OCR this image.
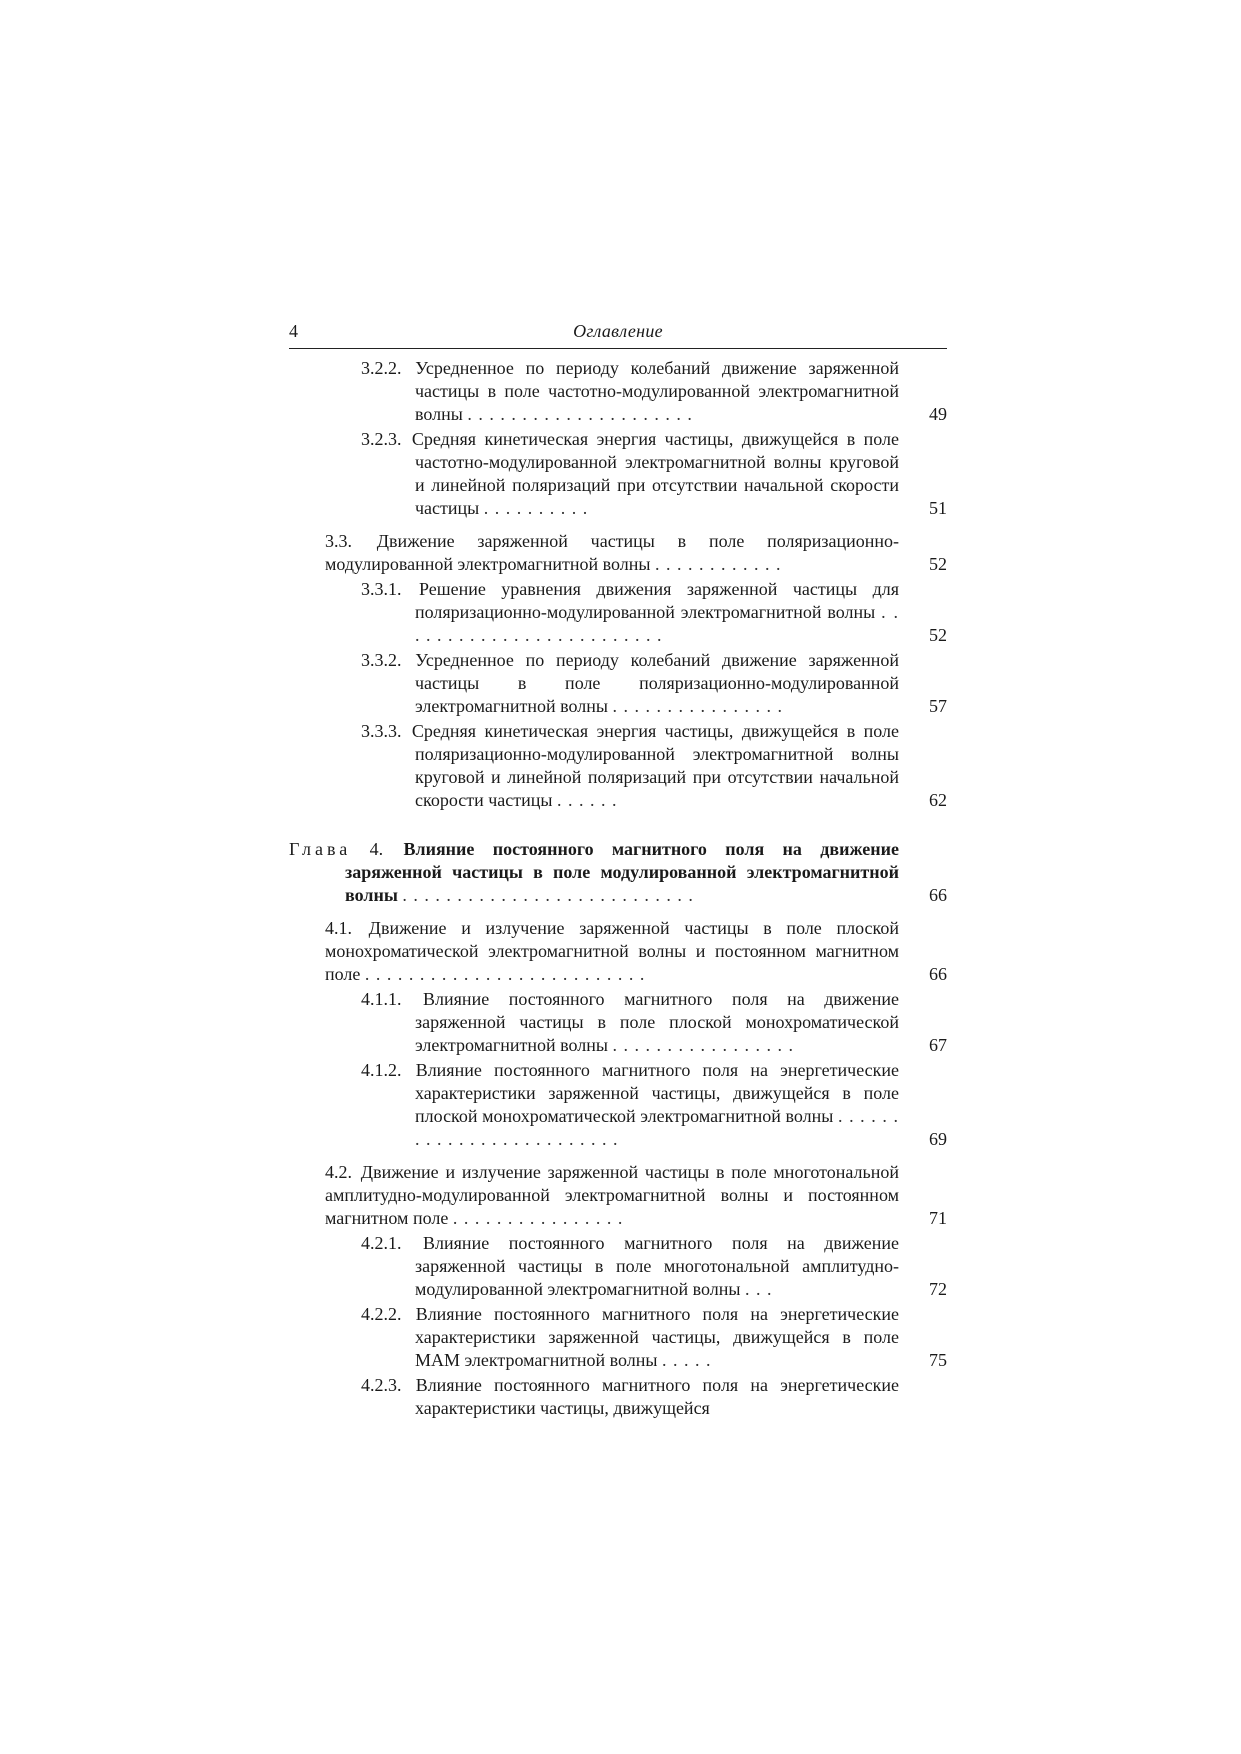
4	Оглавление
3.2.2. Усредненное по периоду колебаний движение заряженной частицы в поле частотно-модулированной электромагнитной волны . . . . . . . . . . . . . . . . . . . . .	49
3.2.3. Средняя кинетическая энергия частицы, движущейся в поле частотно-модулированной электромагнитной волны круговой и линейной поляризаций при отсутствии начальной скорости частицы . . . . . . . . . .	51
3.3. Движение заряженной частицы в поле поляризационно-модулированной электромагнитной волны . . . . . . . . . . . .	52
3.3.1. Решение уравнения движения заряженной частицы для поляризационно-модулированной электромагнитной волны . . . . . . . . . . . . . . . . . . . . . . . . .	52
3.3.2. Усредненное по периоду колебаний движение заряженной частицы в поле поляризационно-модулированной электромагнитной волны . . . . . . . . . . . . . . . .	57
3.3.3. Средняя кинетическая энергия частицы, движущейся в поле поляризационно-модулированной электромагнитной волны круговой и линейной поляризаций при отсутствии начальной скорости частицы . . . . . .	62
Глава 4. Влияние постоянного магнитного поля на движение заряженной частицы в поле модулированной электромагнитной волны . . . . . . . . . . . . . . . . . . . . . . . . . . .	66
4.1. Движение и излучение заряженной частицы в поле плоской монохроматической электромагнитной волны и постоянном магнитном поле . . . . . . . . . . . . . . . . . . . . . . . . . .	66
4.1.1. Влияние постоянного магнитного поля на движение заряженной частицы в поле плоской монохроматической электромагнитной волны . . . . . . . . . . . . . . . . .	67
4.1.2. Влияние постоянного магнитного поля на энергетические характеристики заряженной частицы, движущейся в поле плоской монохроматической электромагнитной волны . . . . . . . . . . . . . . . . . . . . . . . . .	69
4.2. Движение и излучение заряженной частицы в поле многотональной амплитудно-модулированной электромагнитной волны и постоянном магнитном поле . . . . . . . . . . . . . . . .	71
4.2.1. Влияние постоянного магнитного поля на движение заряженной частицы в поле многотональной амплитудно-модулированной электромагнитной волны . . .	72
4.2.2. Влияние постоянного магнитного поля на энергетические характеристики заряженной частицы, движущейся в поле МАМ электромагнитной волны . . . . .	75
4.2.3. Влияние постоянного магнитного поля на энергетические характеристики частицы, движущейся
